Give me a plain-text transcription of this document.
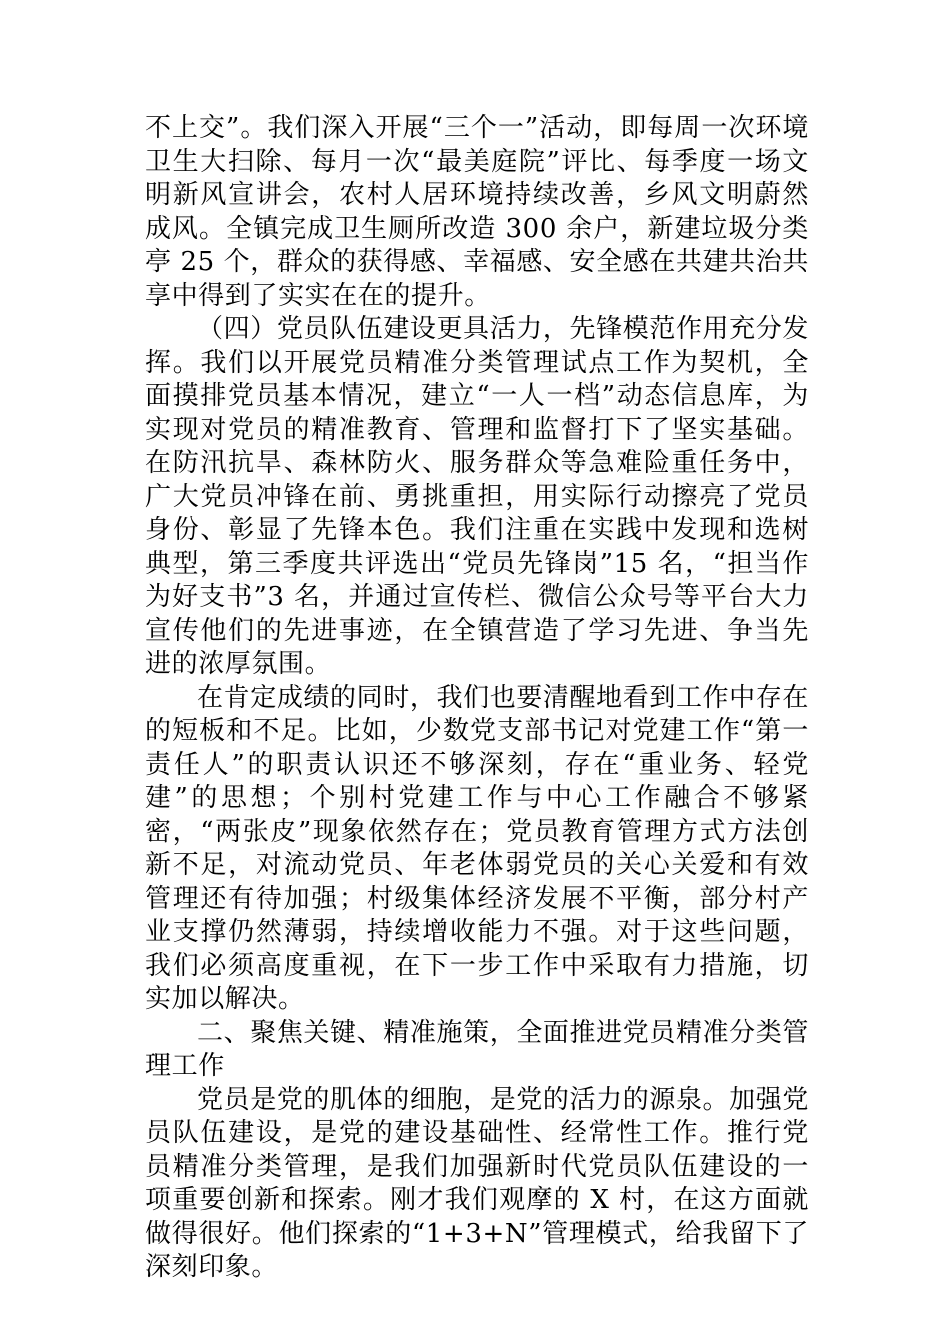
不上交”。我们深入开展“三个一”活动，即每周一次环境卫生大扫除、每月一次“最美庭院”评比、每季度一场文明新风宣讲会，农村人居环境持续改善，乡风文明蔚然成风。全镇完成卫生厕所改造 300 余户，新建垃圾分类亭 25 个，群众的获得感、幸福感、安全感在共建共治共享中得到了实实在在的提升。

（四）党员队伍建设更具活力，先锋模范作用充分发挥。我们以开展党员精准分类管理试点工作为契机，全面摸排党员基本情况，建立“一人一档”动态信息库，为实现对党员的精准教育、管理和监督打下了坚实基础。在防汛抗旱、森林防火、服务群众等急难险重任务中，广大党员冲锋在前、勇挑重担，用实际行动擦亮了党员身份、彰显了先锋本色。我们注重在实践中发现和选树典型，第三季度共评选出“党员先锋岗”15 名，“担当作为好支书”3 名，并通过宣传栏、微信公众号等平台大力宣传他们的先进事迹，在全镇营造了学习先进、争当先进的浓厚氛围。

在肯定成绩的同时，我们也要清醒地看到工作中存在的短板和不足。比如，少数党支部书记对党建工作“第一责任人”的职责认识还不够深刻，存在“重业务、轻党建”的思想；个别村党建工作与中心工作融合不够紧密，“两张皮”现象依然存在；党员教育管理方式方法创新不足，对流动党员、年老体弱党员的关心关爱和有效管理还有待加强；村级集体经济发展不平衡，部分村产业支撑仍然薄弱，持续增收能力不强。对于这些问题，我们必须高度重视，在下一步工作中采取有力措施，切实加以解决。

二、聚焦关键、精准施策，全面推进党员精准分类管理工作

党员是党的肌体的细胞，是党的活力的源泉。加强党员队伍建设，是党的建设基础性、经常性工作。推行党员精准分类管理，是我们加强新时代党员队伍建设的一项重要创新和探索。刚才我们观摩的 X 村，在这方面就做得很好。他们探索的“1+3+N”管理模式，给我留下了深刻印象。
